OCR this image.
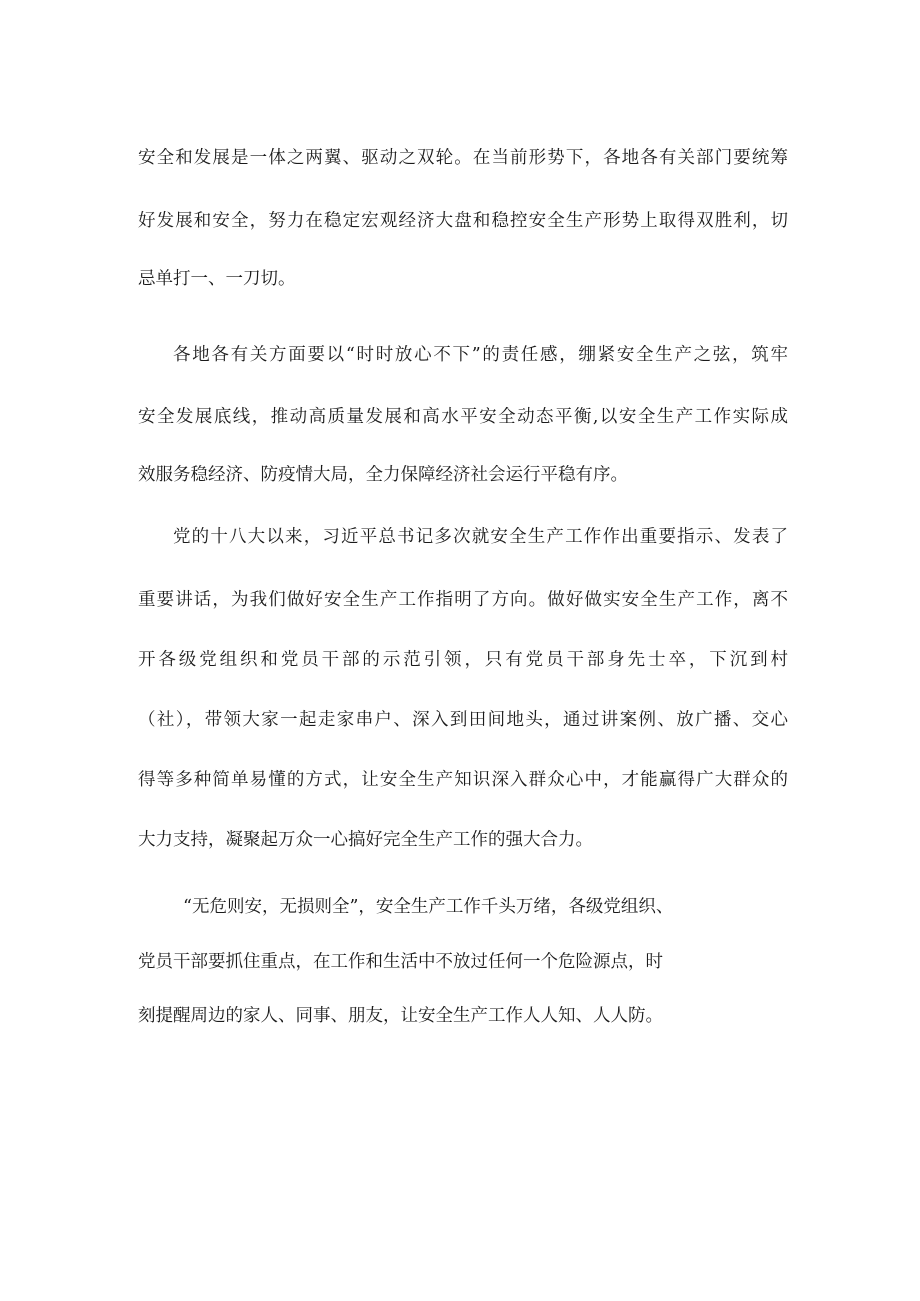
安全和发展是一体之两翼、驱动之双轮。在当前形势下，各地各有关部门要统筹

好发展和安全，努力在稳定宏观经济大盘和稳控安全生产形势上取得双胜利，切

忌单打一、一刀切。

各地各有关方面要以“时时放心不下”的责任感，绷紧安全生产之弦，筑牢

安全发展底线，推动高质量发展和高水平安全动态平衡,以安全生产工作实际成

效服务稳经济、防疫情大局，全力保障经济社会运行平稳有序。

党的十八大以来，习近平总书记多次就安全生产工作作出重要指示、发表了

重要讲话，为我们做好安全生产工作指明了方向。做好做实安全生产工作，离不

开各级党组织和党员干部的示范引领，只有党员干部身先士卒，下沉到村

（社），带领大家一起走家串户、深入到田间地头，通过讲案例、放广播、交心

得等多种简单易懂的方式，让安全生产知识深入群众心中，才能赢得广大群众的

大力支持，凝聚起万众一心搞好完全生产工作的强大合力。

“无危则安，无损则全”，安全生产工作千头万绪，各级党组织、

党员干部要抓住重点，在工作和生活中不放过任何一个危险源点，时

刻提醒周边的家人、同事、朋友，让安全生产工作人人知、人人防。
